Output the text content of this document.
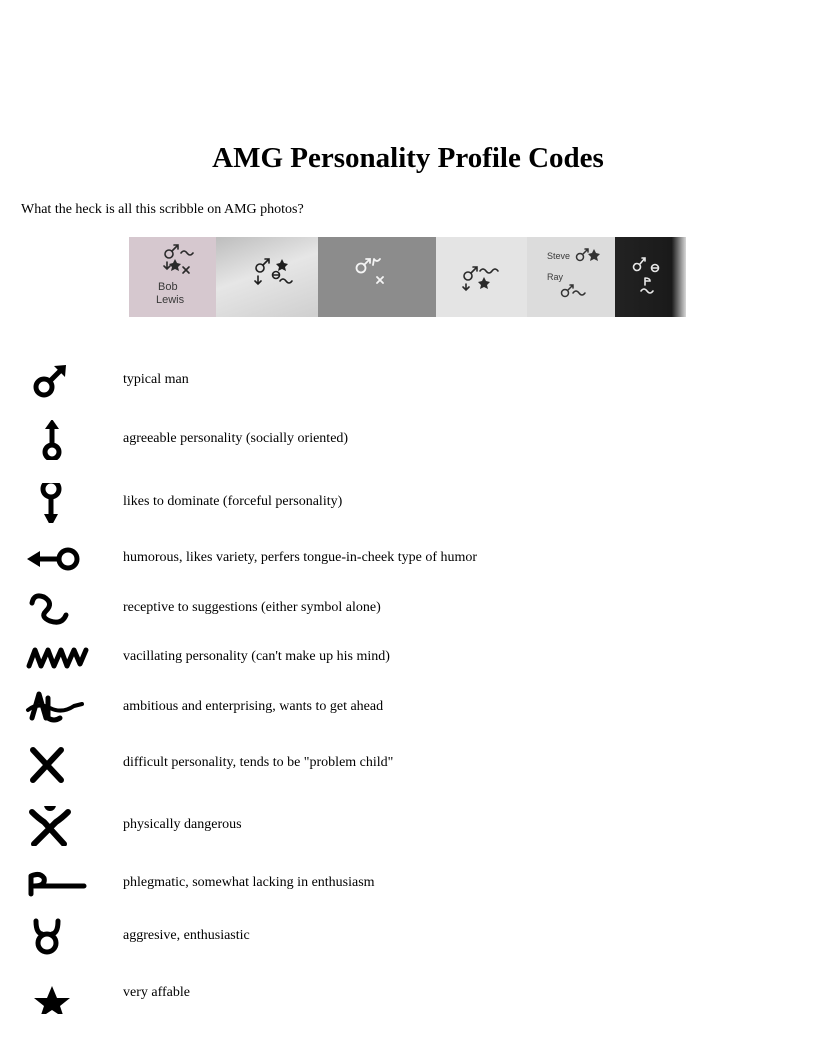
AMG Personality Profile Codes

What the heck is all this scribble on AMG photos?

Bob
Lewis
Steve
Ray
typical man
agreeable personality (socially oriented)
likes to dominate (forceful personality)
humorous, likes variety, perfers tongue-in-cheek type of humor
receptive to suggestions (either symbol alone)
vacillating personality (can't make up his mind)
ambitious and enterprising, wants to get ahead
difficult personality, tends to be "problem child"
physically dangerous
phlegmatic, somewhat lacking in enthusiasm
aggresive, enthusiastic
very affable
